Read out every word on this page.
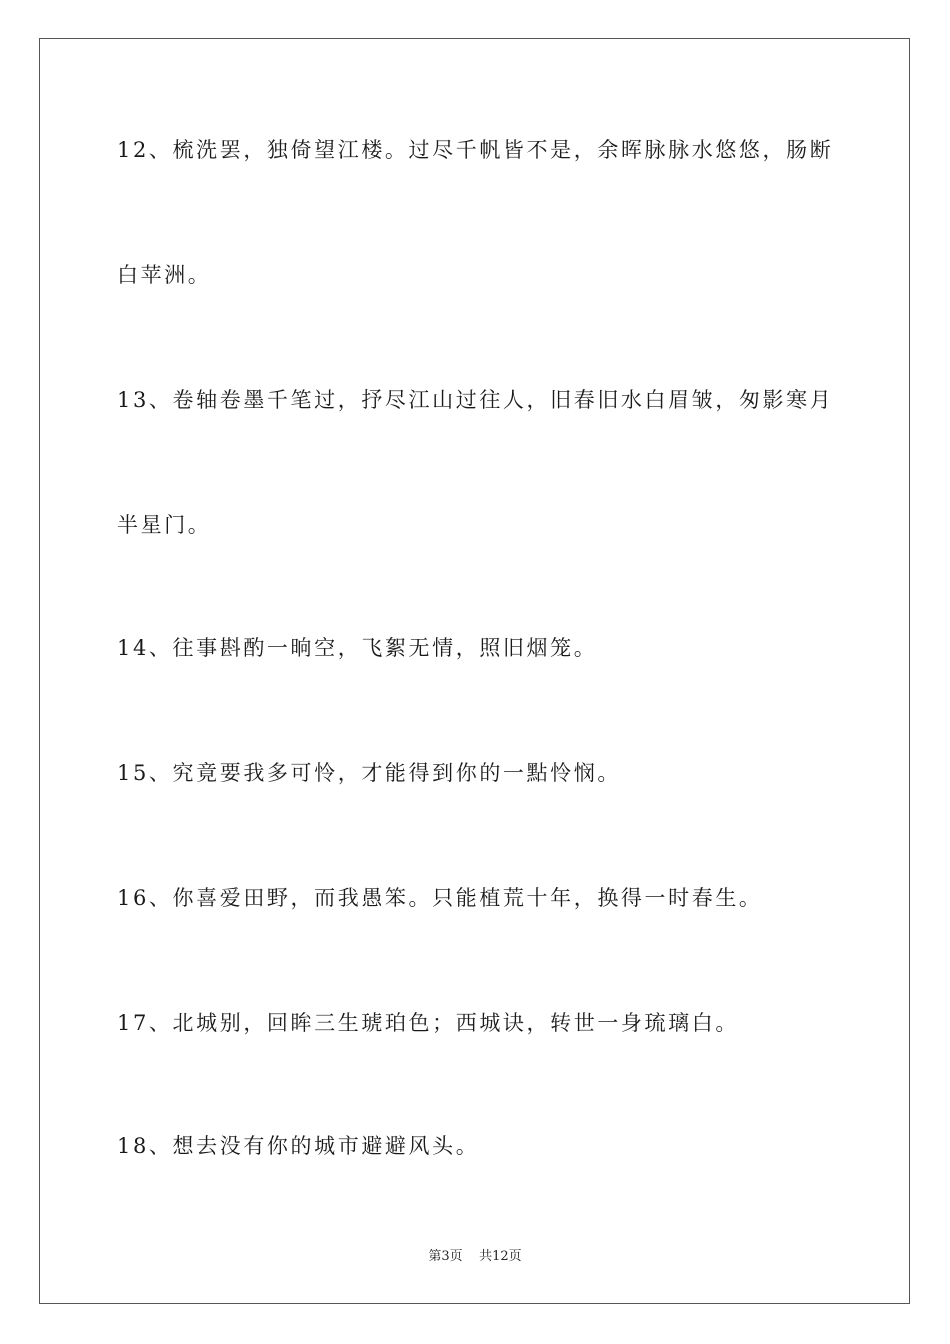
12、梳洗罢，独倚望江楼。过尽千帆皆不是，余晖脉脉水悠悠，肠断
白苹洲。
13、卷轴卷墨千笔过，抒尽江山过往人，旧春旧水白眉皱，匆影寒月
半星门。
14、往事斟酌一晌空，飞絮无情，照旧烟笼。
15、究竟要我多可怜，才能得到你的一點怜悯。
16、你喜爱田野，而我愚笨。只能植荒十年，换得一时春生。
17、北城别，回眸三生琥珀色；西城诀，转世一身琉璃白。
18、想去没有你的城市避避风头。
第3页 共12页
